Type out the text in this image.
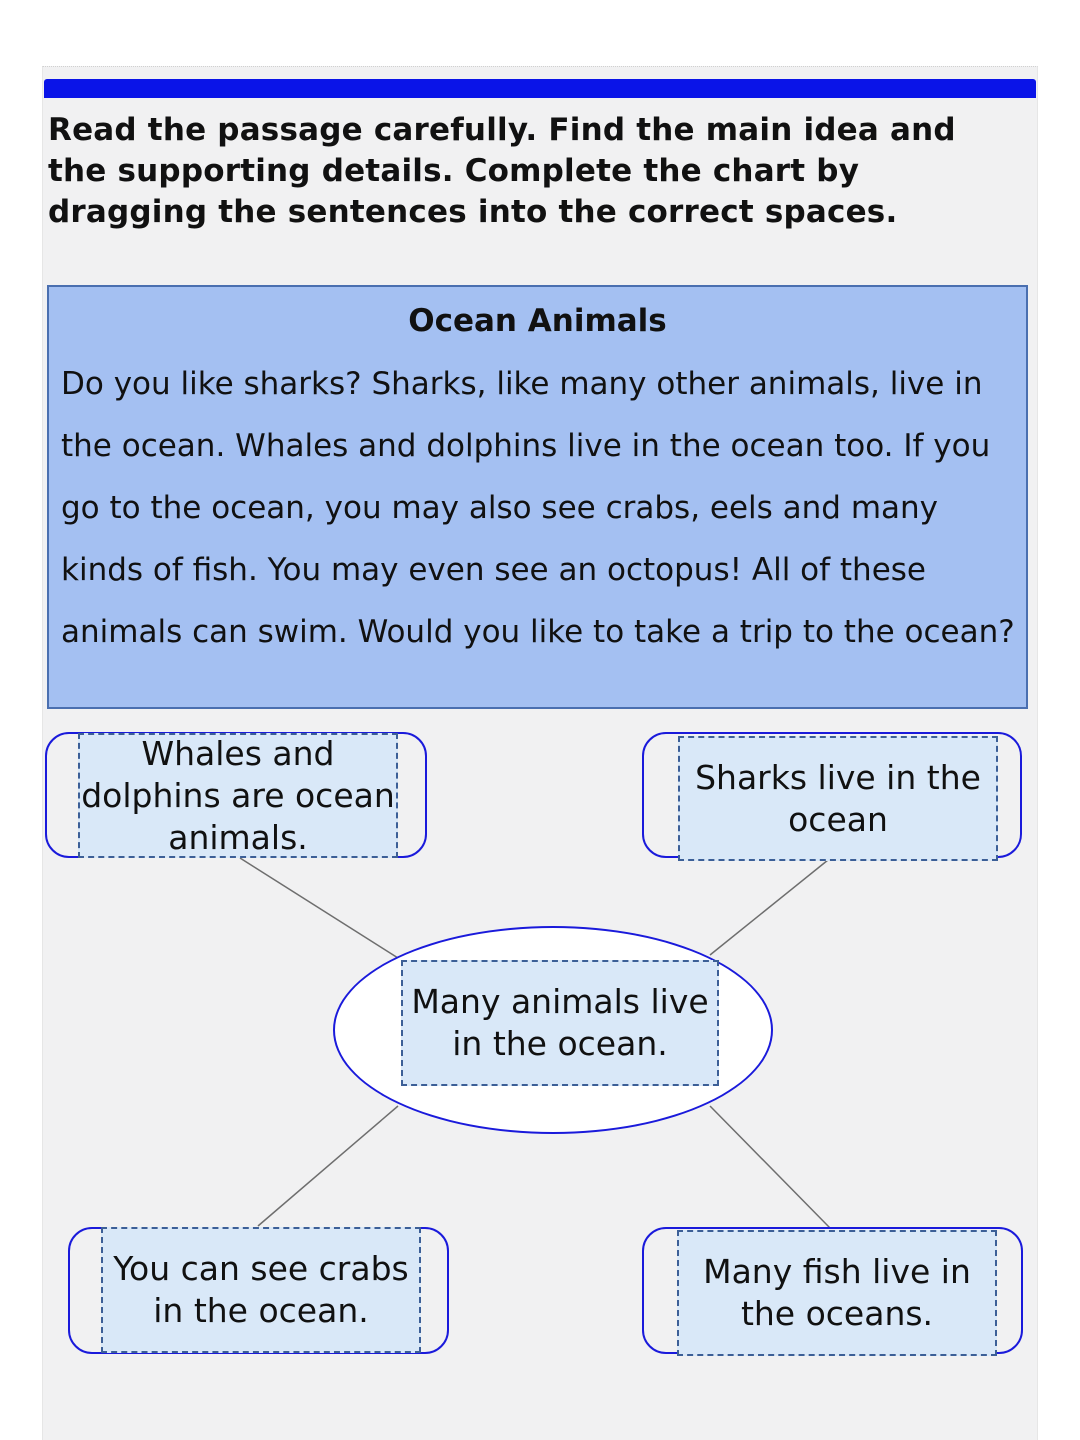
Read the passage carefully. Find the main idea and the supporting details. Complete the chart by dragging the sentences into the correct spaces.
Ocean Animals
Do you like sharks? Sharks, like many other animals, live in the ocean. Whales and dolphins live in the ocean too. If you go to the ocean, you may also see crabs, eels and many kinds of fish. You may even see an octopus! All of these animals can swim. Would you like to take a trip to the ocean?
Whales and dolphins are ocean animals.
Sharks live in the ocean
Many animals live in the ocean.
You can see crabs in the ocean.
Many fish live in the oceans.
